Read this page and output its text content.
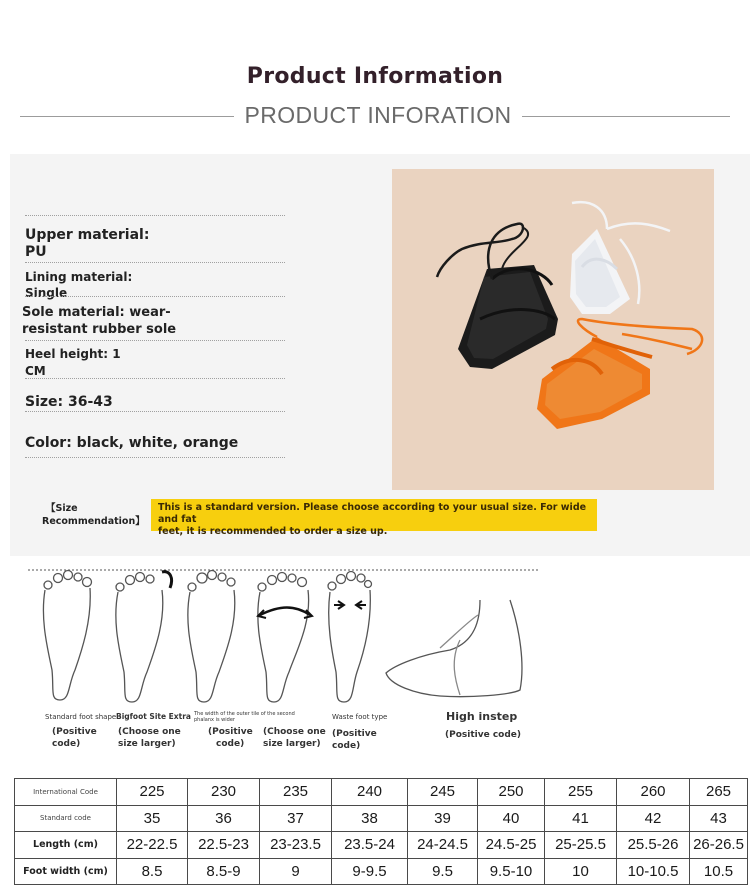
Product Information
PRODUCT INFORATION
Upper material:
PU
Lining material:
Single
Sole material: wear-
resistant rubber sole
Heel height: 1
CM
Size: 36-43
Color: black, white, orange
【Size
Recommendation】
This is a standard version. Please choose according to your usual size. For wide and fat
feet, it is recommended to order a size up.
Standard foot shape Bigfoot Site Extra The width of the outer tile of the second phalanx is wider	Waste foot type	High instep
(Positive
code)
(Choose one
size larger)
(Positive
code)
(Choose one
size larger)
(Positive
code)
(Positive code)
International Code	225	230	235	240	245	250	255	260	265
Standard code	35	36	37	38	39	40	41	42	43
Length (cm)	22-22.5	22.5-23	23-23.5	23.5-24	24-24.5	24.5-25	25-25.5	25.5-26	26-26.5
Foot width (cm)	8.5	8.5-9	9	9-9.5	9.5	9.5-10	10	10-10.5	10.5
